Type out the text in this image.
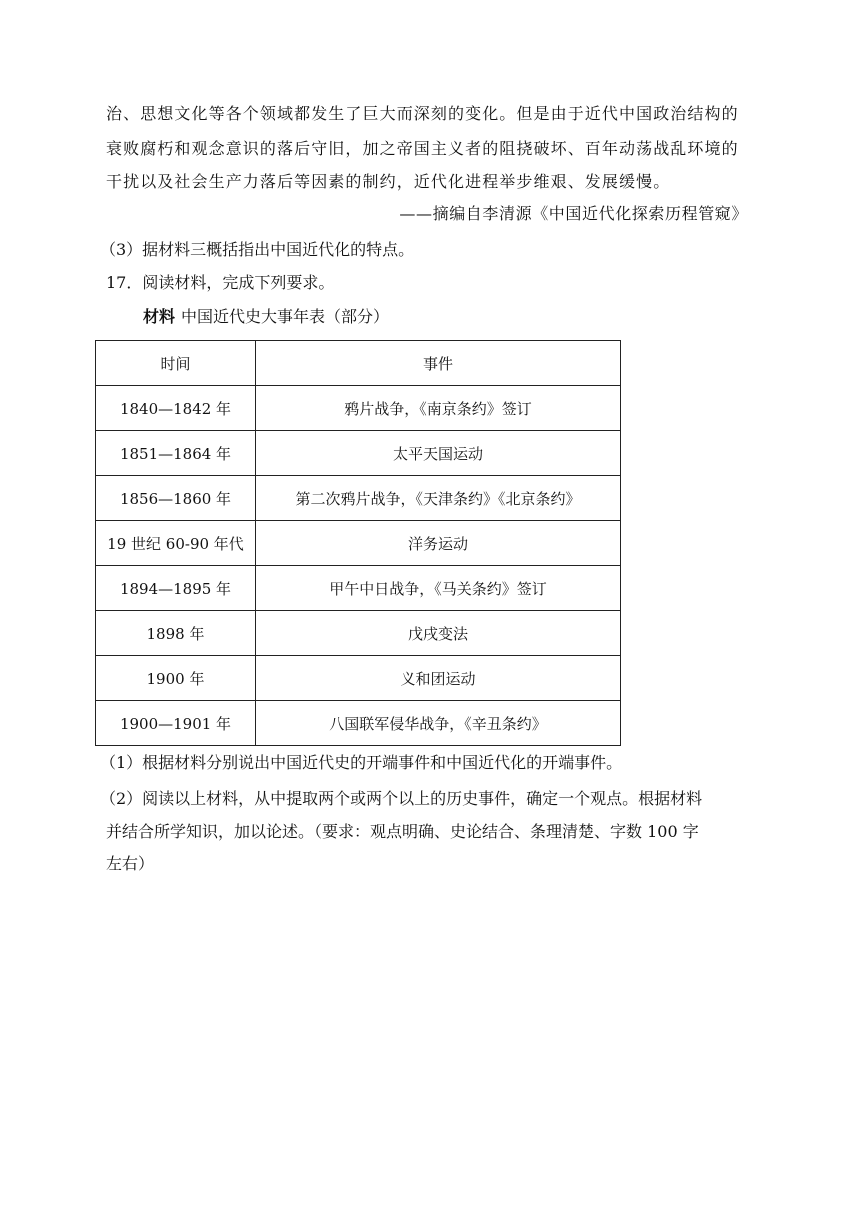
治、思想文化等各个领域都发生了巨大而深刻的变化。但是由于近代中国政治结构的
衰败腐朽和观念意识的落后守旧，加之帝国主义者的阻挠破坏、百年动荡战乱环境的
干扰以及社会生产力落后等因素的制约，近代化进程举步维艰、发展缓慢。
——摘编自李清源《中国近代化探索历程管窥》
（3）据材料三概括指出中国近代化的特点。
17．阅读材料，完成下列要求。
材料 中国近代史大事年表（部分）
时间	事件
1840—1842 年	鸦片战争，《南京条约》签订
1851—1864 年	太平天国运动
1856—1860 年	第二次鸦片战争，《天津条约》《北京条约》
19 世纪 60-90 年代	洋务运动
1894—1895 年	甲午中日战争，《马关条约》签订
1898 年	戊戌变法
1900 年	义和团运动
1900—1901 年	八国联军侵华战争，《辛丑条约》
（1）根据材料分别说出中国近代史的开端事件和中国近代化的开端事件。
（2）阅读以上材料，从中提取两个或两个以上的历史事件，确定一个观点。根据材料
并结合所学知识，加以论述。（要求：观点明确、史论结合、条理清楚、字数 100 字
左右）
